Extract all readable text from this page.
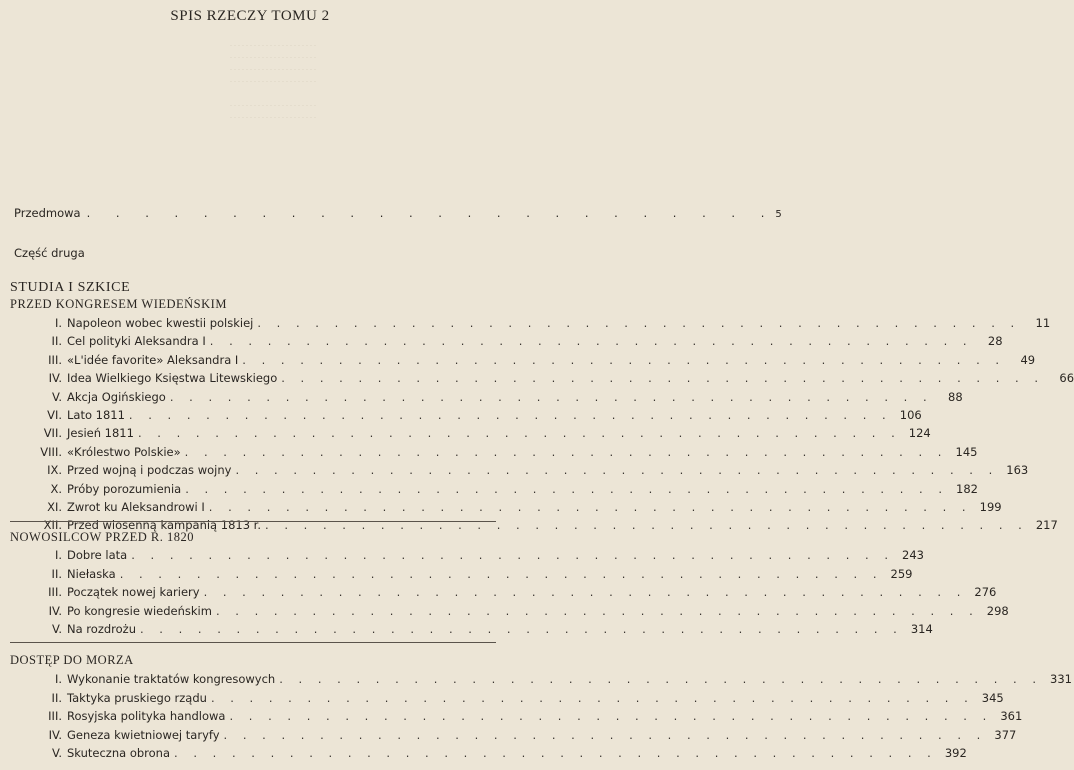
. . . . . . . . . . . . . . . . . . . . . .
. . . . . . . . . . . . . . . . . . . . . .
. . . . . . . . . . . . . . . . . . . . . .
. . . . . . . . . . . . . . . . . . . . . .

. . . . . . . . . . . . . . . . . . . . . .
. . . . . . . . . . . . . . . . . . . . . .
SPIS RZECZY TOMU 2
Przedmowa . . . . . . . . . . . . . . . . . . . . . . . . 5
Część druga
STUDIA I SZKICE
PRZED KONGRESEM WIEDEŃSKIM
I. Napoleon wobec kwestii polskiej . . . . . . . . . . . . . . . . . . . . . . . . . . . . . . . . . . . . . . . .	11
II. Cel polityki Aleksandra I . . . . . . . . . . . . . . . . . . . . . . . . . . . . . . . . . . . . . . . .	28
III. «L'idée favorite» Aleksandra I . . . . . . . . . . . . . . . . . . . . . . . . . . . . . . . . . . . . . . . .	49
IV. Idea Wielkiego Księstwa Litewskiego . . . . . . . . . . . . . . . . . . . . . . . . . . . . . . . . . . . . . . . .	66
V. Akcja Ogińskiego . . . . . . . . . . . . . . . . . . . . . . . . . . . . . . . . . . . . . . . .	88
VI. Lato 1811 . . . . . . . . . . . . . . . . . . . . . . . . . . . . . . . . . . . . . . . . 106
VII. Jesień 1811 . . . . . . . . . . . . . . . . . . . . . . . . . . . . . . . . . . . . . . . . 124
VIII. «Królestwo Polskie» . . . . . . . . . . . . . . . . . . . . . . . . . . . . . . . . . . . . . . . . 145
IX. Przed wojną i podczas wojny . . . . . . . . . . . . . . . . . . . . . . . . . . . . . . . . . . . . . . . . 163
X. Próby porozumienia . . . . . . . . . . . . . . . . . . . . . . . . . . . . . . . . . . . . . . . . 182
XI. Zwrot ku Aleksandrowi I . . . . . . . . . . . . . . . . . . . . . . . . . . . . . . . . . . . . . . . . 199
XII. Przed wiosenną kampanią 1813 r. . . . . . . . . . . . . . . . . . . . . . . . . . . . . . . . . . . . . . . . . 217
NOWOSILCOW PRZED R. 1820
I. Dobre lata . . . . . . . . . . . . . . . . . . . . . . . . . . . . . . . . . . . . . . . . 243
II. Niełaska . . . . . . . . . . . . . . . . . . . . . . . . . . . . . . . . . . . . . . . . 259
III. Początek nowej kariery . . . . . . . . . . . . . . . . . . . . . . . . . . . . . . . . . . . . . . . . 276
IV. Po kongresie wiedeńskim . . . . . . . . . . . . . . . . . . . . . . . . . . . . . . . . . . . . . . . . 298
V. Na rozdrożu . . . . . . . . . . . . . . . . . . . . . . . . . . . . . . . . . . . . . . . . 314
DOSTĘP DO MORZA
I. Wykonanie traktatów kongresowych . . . . . . . . . . . . . . . . . . . . . . . . . . . . . . . . . . . . . . . . 331
II. Taktyka pruskiego rządu . . . . . . . . . . . . . . . . . . . . . . . . . . . . . . . . . . . . . . . . 345
III. Rosyjska polityka handlowa . . . . . . . . . . . . . . . . . . . . . . . . . . . . . . . . . . . . . . . . 361
IV. Geneza kwietniowej taryfy . . . . . . . . . . . . . . . . . . . . . . . . . . . . . . . . . . . . . . . . 377
V. Skuteczna obrona . . . . . . . . . . . . . . . . . . . . . . . . . . . . . . . . . . . . . . . . 392
